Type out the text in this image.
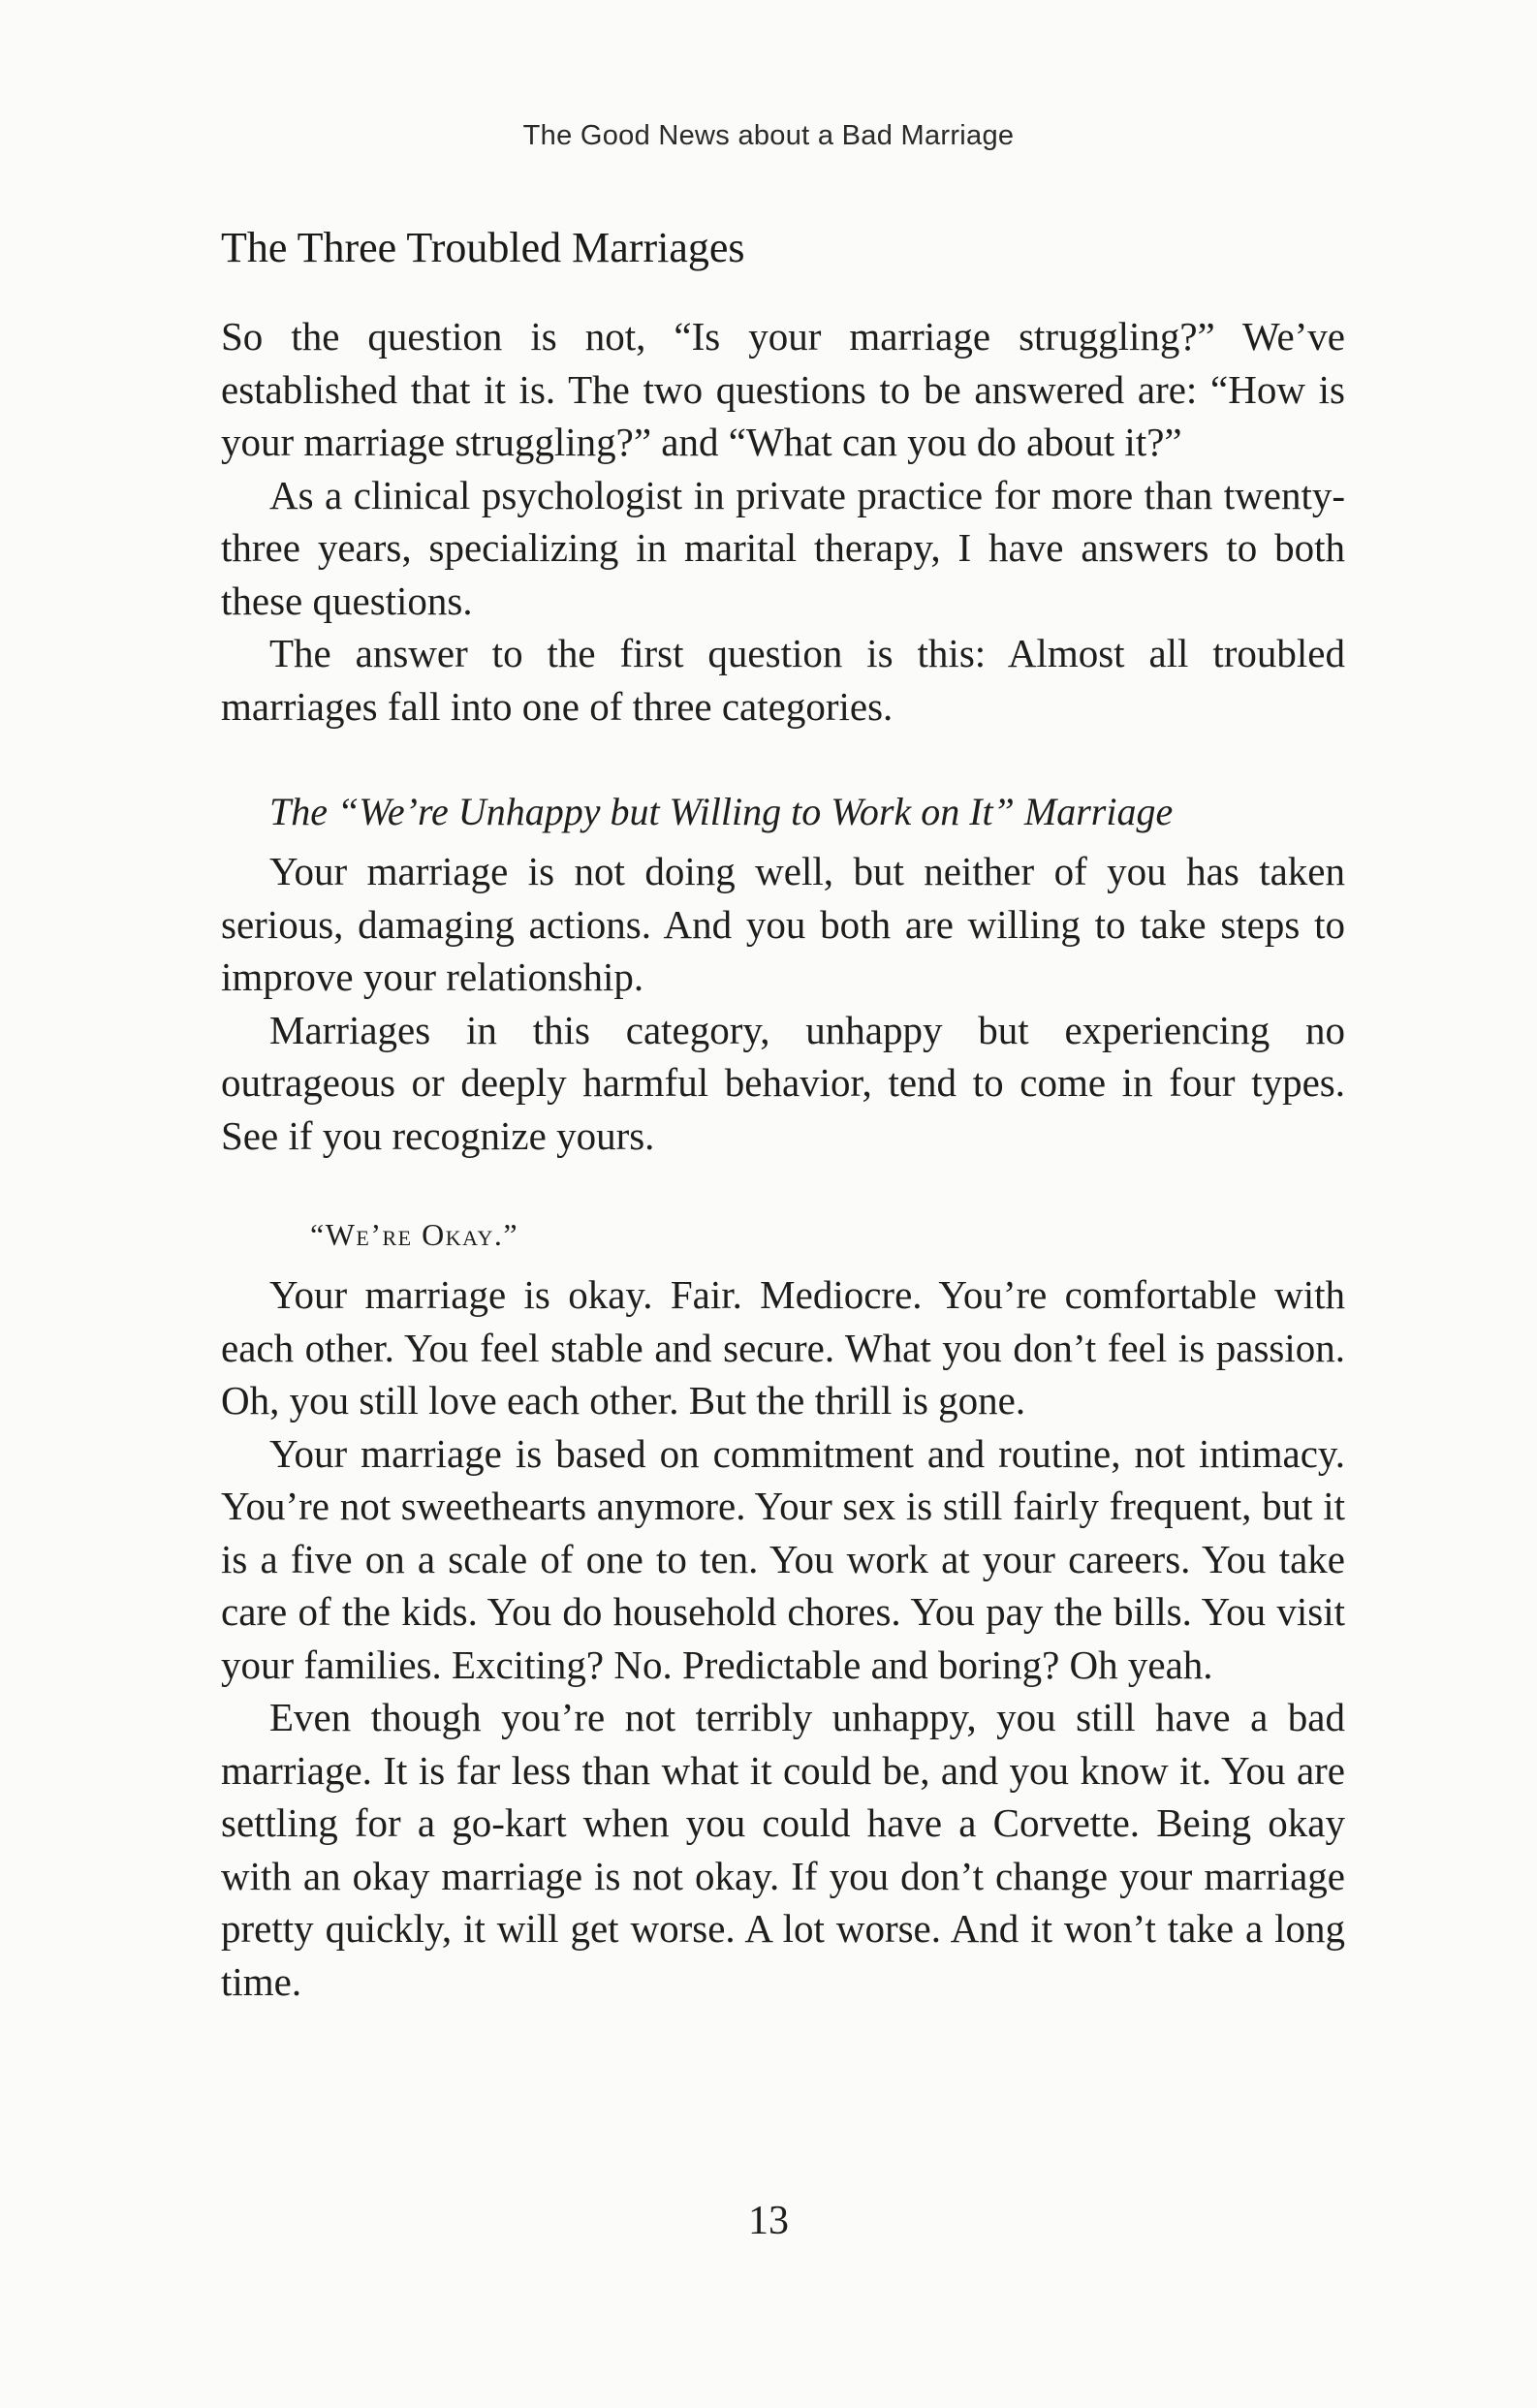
The Good News about a Bad Marriage
The Three Troubled Marriages

So the question is not, “Is your marriage struggling?” We’ve established that it is. The two questions to be answered are: “How is your marriage struggling?” and “What can you do about it?”

As a clinical psychologist in private practice for more than twenty-three years, specializing in marital therapy, I have answers to both these questions.

The answer to the first question is this: Almost all troubled marriages fall into one of three categories.

The “We’re Unhappy but Willing to Work on It” Marriage

Your marriage is not doing well, but neither of you has taken serious, damaging actions. And you both are willing to take steps to improve your relationship.

Marriages in this category, unhappy but experiencing no outrageous or deeply harmful behavior, tend to come in four types. See if you recognize yours.

“We’re Okay.”

Your marriage is okay. Fair. Mediocre. You’re comfortable with each other. You feel stable and secure. What you don’t feel is passion. Oh, you still love each other. But the thrill is gone.

Your marriage is based on commitment and routine, not intimacy. You’re not sweethearts anymore. Your sex is still fairly frequent, but it is a five on a scale of one to ten. You work at your careers. You take care of the kids. You do household chores. You pay the bills. You visit your families. Exciting? No. Predictable and boring? Oh yeah.

Even though you’re not terribly unhappy, you still have a bad marriage. It is far less than what it could be, and you know it. You are settling for a go-kart when you could have a Corvette. Being okay with an okay marriage is not okay. If you don’t change your marriage pretty quickly, it will get worse. A lot worse. And it won’t take a long time.

13
